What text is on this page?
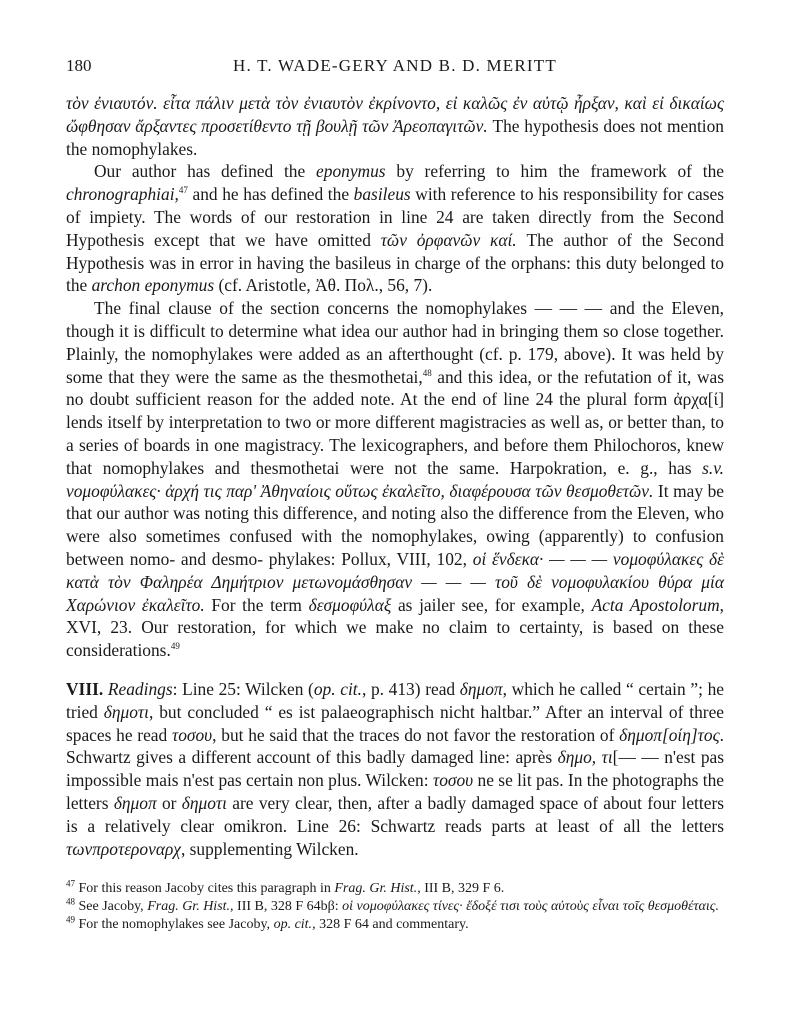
180	H. T. WADE-GERY AND B. D. MERITT

τὸν ἐνιαυτόν. εἶτα πάλιν μετὰ τὸν ἐνιαυτὸν ἐκρίνοντο, εἰ καλῶς ἐν αὐτῷ ἦρξαν, καὶ εἰ δικαίως ὤφθησαν ἄρξαντες προσετίθεντο τῇ βουλῇ τῶν Ἀρεοπαγιτῶν. The hypothesis does not mention the nomophylakes.

Our author has defined the eponymus by referring to him the framework of the chronographiai,$^{47}$ and he has defined the basileus with reference to his responsibility for cases of impiety. The words of our restoration in line 24 are taken directly from the Second Hypothesis except that we have omitted τῶν ὀρφανῶν καί. The author of the Second Hypothesis was in error in having the basileus in charge of the orphans: this duty belonged to the archon eponymus (cf. Aristotle, Ἀθ. Πολ., 56, 7).

The final clause of the section concerns the nomophylakes — — — and the Eleven, though it is difficult to determine what idea our author had in bringing them so close together. Plainly, the nomophylakes were added as an afterthought (cf. p. 179, above). It was held by some that they were the same as the thesmothetai,$^{48}$ and this idea, or the refutation of it, was no doubt sufficient reason for the added note. At the end of line 24 the plural form ἀρχα[ί] lends itself by interpretation to two or more different magistracies as well as, or better than, to a series of boards in one magistracy. The lexicographers, and before them Philochoros, knew that nomophylakes and thesmothetai were not the same. Harpokration, e. g., has s.v. νομοφύλακες· ἀρχή τις παρ' Ἀθηναίοις οὕτως ἐκαλεῖτο, διαφέρουσα τῶν θεσμοθετῶν. It may be that our author was noting this difference, and noting also the difference from the Eleven, who were also sometimes confused with the nomophylakes, owing (apparently) to confusion between nomo- and desmo- phylakes: Pollux, VIII, 102, οἱ ἕνδεκα· — — — νομοφύλακες δὲ κατὰ τὸν Φαληρέα Δημήτριον μετωνομάσθησαν — — — τοῦ δὲ νομοφυλακίου θύρα μία Χαρώνιον ἐκαλεῖτο. For the term δεσμοφύλαξ as jailer see, for example, Acta Apostolorum, XVI, 23. Our restoration, for which we make no claim to certainty, is based on these considerations.$^{49}$

VIII. Readings: Line 25: Wilcken (op. cit., p. 413) read δημοπ, which he called “ certain ”; he tried δημοτι, but concluded “ es ist palaeographisch nicht haltbar.” After an interval of three spaces he read τοσου, but he said that the traces do not favor the restoration of δημοπ[οίη]τος. Schwartz gives a different account of this badly damaged line: après δημο, τι[— — n'est pas impossible mais n'est pas certain non plus. Wilcken: τοσου ne se lit pas. In the photographs the letters δημοπ or δημοτι are very clear, then, after a badly damaged space of about four letters is a relatively clear omikron. Line 26: Schwartz reads parts at least of all the letters τωνπροτεροναρχ, supplementing Wilcken.

$^{47}$ For this reason Jacoby cites this paragraph in Frag. Gr. Hist., III B, 329 F 6.

$^{48}$ See Jacoby, Frag. Gr. Hist., III B, 328 F 64bβ: οἱ νομοφύλακες τίνες· ἔδοξέ τισι τοὺς αὐτοὺς εἶναι τοῖς θεσμοθέταις.

$^{49}$ For the nomophylakes see Jacoby, op. cit., 328 F 64 and commentary.
